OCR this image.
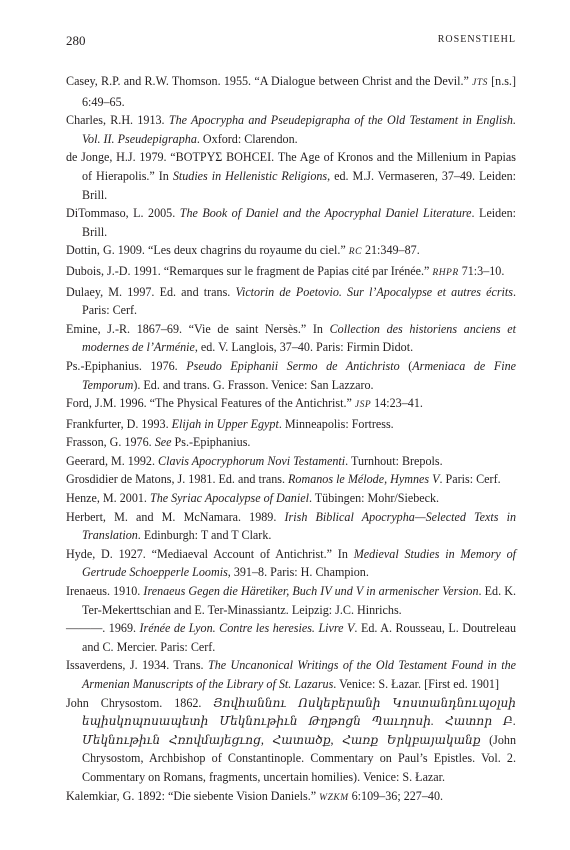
280	ROSENSTIEHL

Casey, R.P. and R.W. Thomson. 1955. “A Dialogue between Christ and the Devil.” JTS [n.s.] 6:49–65.

Charles, R.H. 1913. The Apocrypha and Pseudepigrapha of the Old Testament in English. Vol. II. Pseudepigrapha. Oxford: Clarendon.

de Jonge, H.J. 1979. “ΒΟΤΡΥΣ ΒΟΗCΕΙ. The Age of Kronos and the Millenium in Papias of Hierapolis.” In Studies in Hellenistic Religions, ed. M.J. Vermaseren, 37–49. Leiden: Brill.

DiTommaso, L. 2005. The Book of Daniel and the Apocryphal Daniel Literature. Leiden: Brill.

Dottin, G. 1909. “Les deux chagrins du royaume du ciel.” RC 21:349–87.

Dubois, J.-D. 1991. “Remarques sur le fragment de Papias cité par Irénée.” RHPR 71:3–10.

Dulaey, M. 1997. Ed. and trans. Victorin de Poetovio. Sur l’Apocalypse et autres écrits. Paris: Cerf.

Emine, J.-R. 1867–69. “Vie de saint Nersès.” In Collection des historiens anciens et modernes de l’Arménie, ed. V. Langlois, 37–40. Paris: Firmin Didot.

Ps.-Epiphanius. 1976. Pseudo Epiphanii Sermo de Antichristo (Armeniaca de Fine Temporum). Ed. and trans. G. Frasson. Venice: San Lazzaro.

Ford, J.M. 1996. “The Physical Features of the Antichrist.” JSP 14:23–41.

Frankfurter, D. 1993. Elijah in Upper Egypt. Minneapolis: Fortress.

Frasson, G. 1976. See Ps.-Epiphanius.

Geerard, M. 1992. Clavis Apocryphorum Novi Testamenti. Turnhout: Brepols.

Grosdidier de Matons, J. 1981. Ed. and trans. Romanos le Mélode, Hymnes V. Paris: Cerf.

Henze, M. 2001. The Syriac Apocalypse of Daniel. Tübingen: Mohr/Siebeck.

Herbert, M. and M. McNamara. 1989. Irish Biblical Apocrypha—Selected Texts in Translation. Edinburgh: T and T Clark.

Hyde, D. 1927. “Mediaeval Account of Antichrist.” In Medieval Studies in Memory of Gertrude Schoepperle Loomis, 391–8. Paris: H. Champion.

Irenaeus. 1910. Irenaeus Gegen die Häretiker, Buch IV und V in armenischer Version. Ed. K. Ter-Mekerttschian and E. Ter-Minassiantz. Leipzig: J.C. Hinrichs.

———. 1969. Irénée de Lyon. Contre les heresies. Livre V. Ed. A. Rousseau, L. Doutreleau and C. Mercier. Paris: Cerf.

Issaverdens, J. 1934. Trans. The Uncanonical Writings of the Old Testament Found in the Armenian Manuscripts of the Library of St. Lazarus. Venice: S. Łazar. [First ed. 1901]

John Chrysostom. 1862. Յովհաննու Ոսկեբերանի Կոստանդնուպօլսի եպիսկոպոսապետի Մեկնութիւն Թղթոցն Պաւղոսի. Հատոր Բ. Մեկնութիւն Հռովմայեցւոց, Հատածք, Հառք Երկբայականք (John Chrysostom, Archbishop of Constantinople. Commentary on Paul’s Epistles. Vol. 2. Commentary on Romans, fragments, uncertain homilies). Venice: S. Łazar.

Kalemkiar, G. 1892: “Die siebente Vision Daniels.” WZKM 6:109–36; 227–40.
